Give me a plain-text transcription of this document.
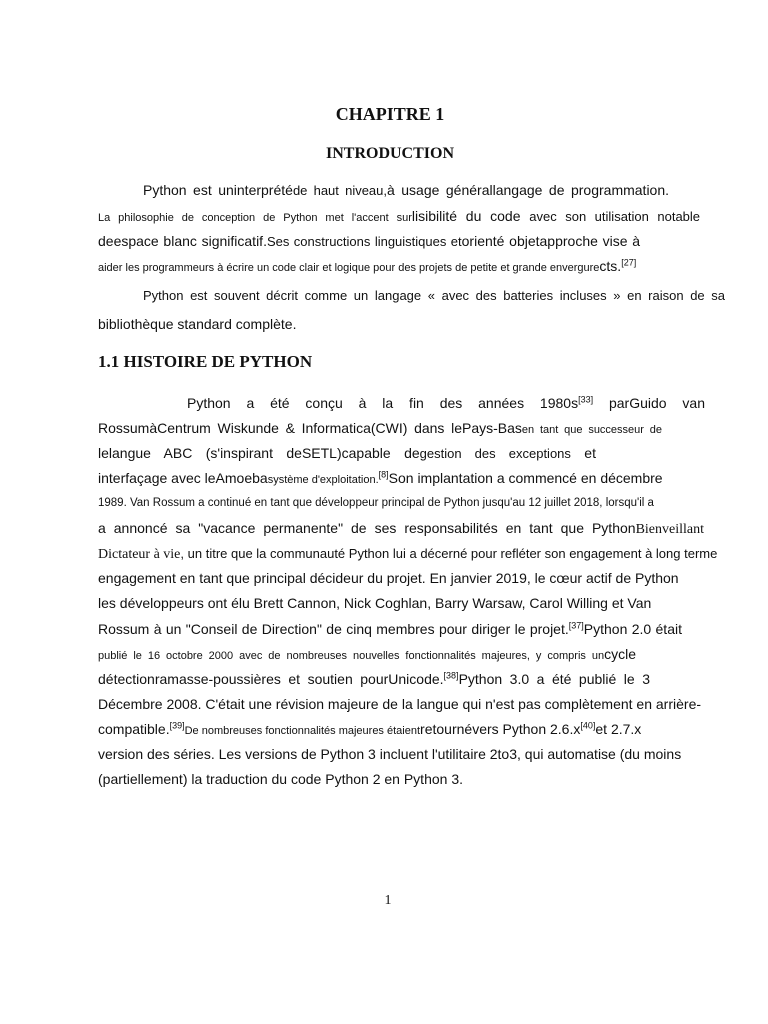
CHAPITRE 1
INTRODUCTION
Python est uninterprétéde haut niveau,à usage générallangage de programmation.
La philosophie de conception de Python met l'accent surlisibilité du code avec son utilisation notable
deespace blanc significatif.Ses constructions linguistiques etorienté objetapproche vise à
aider les programmeurs à écrire un code clair et logique pour des projets de petite et grande envergurects.[27]
Python est souvent décrit comme un langage « avec des batteries incluses » en raison de sa
bibliothèque standard complète.
1.1 HISTOIRE DE PYTHON
Python a été conçu à la fin des années 1980s[33] parGuido van
RossumàCentrum Wiskunde & Informatica(CWI) dans lePays-Basen tant que successeur de
lelangue ABC (s'inspirant deSETL)capable degestion des exceptions et
interfaçage avec leAmoebasystème d'exploitation.[8]Son implantation a commencé en décembre
1989. Van Rossum a continué en tant que développeur principal de Python jusqu'au 12 juillet 2018, lorsqu'il a
a annoncé sa "vacance permanente" de ses responsabilités en tant que PythonBienveillant
Dictateur à vie, un titre que la communauté Python lui a décerné pour refléter son engagement à long terme
engagement en tant que principal décideur du projet. En janvier 2019, le cœur actif de Python
les développeurs ont élu Brett Cannon, Nick Coghlan, Barry Warsaw, Carol Willing et Van
Rossum à un "Conseil de Direction" de cinq membres pour diriger le projet.[37]Python 2.0 était
publié le 16 octobre 2000 avec de nombreuses nouvelles fonctionnalités majeures, y compris uncycle
détectionramasse-poussières et soutien pourUnicode.[38]Python 3.0 a été publié le 3
Décembre 2008. C'était une révision majeure de la langue qui n'est pas complètement en arrière-
compatible.[39]De nombreuses fonctionnalités majeures étaientretournévers Python 2.6.x[40]et 2.7.x
version des séries. Les versions de Python 3 incluent l'utilitaire 2to3, qui automatise (du moins
(partiellement) la traduction du code Python 2 en Python 3.
1
